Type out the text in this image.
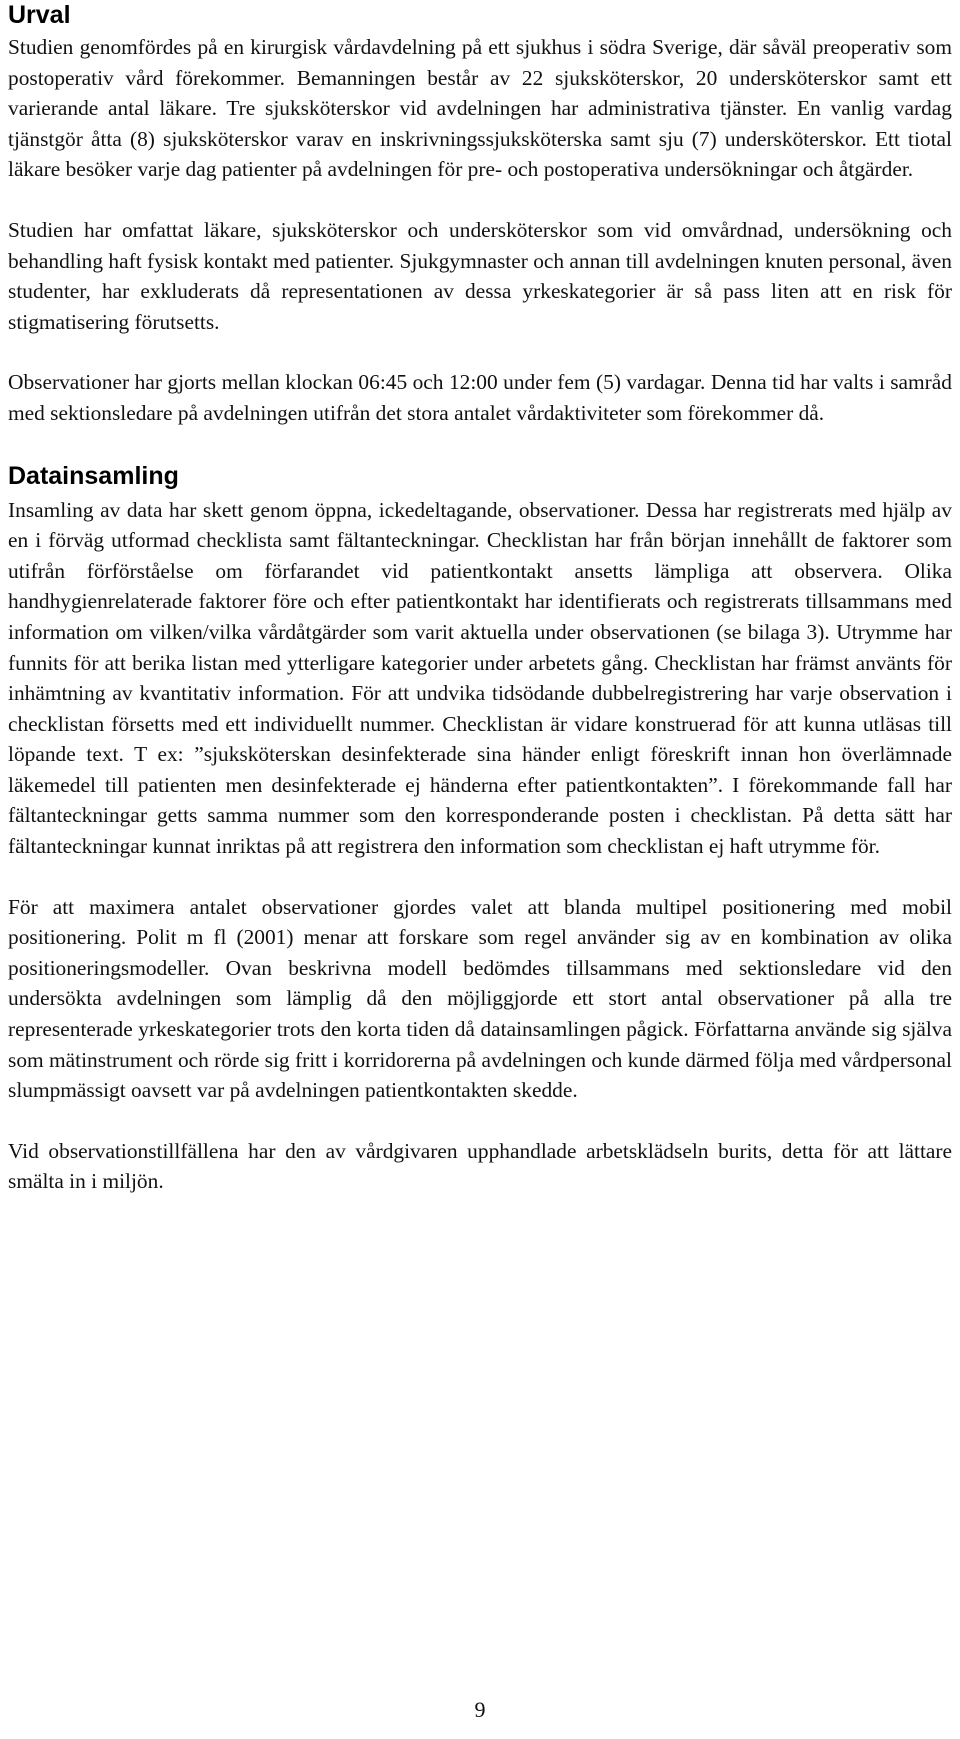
Urval

Studien genomfördes på en kirurgisk vårdavdelning på ett sjukhus i södra Sverige, där såväl preoperativ som postoperativ vård förekommer. Bemanningen består av 22 sjuksköterskor, 20 undersköterskor samt ett varierande antal läkare. Tre sjuksköterskor vid avdelningen har administrativa tjänster. En vanlig vardag tjänstgör åtta (8) sjuksköterskor varav en inskrivningssjuksköterska samt sju (7) undersköterskor. Ett tiotal läkare besöker varje dag patienter på avdelningen för pre- och postoperativa undersökningar och åtgärder.

Studien har omfattat läkare, sjuksköterskor och undersköterskor som vid omvårdnad, undersökning och behandling haft fysisk kontakt med patienter. Sjukgymnaster och annan till avdelningen knuten personal, även studenter, har exkluderats då representationen av dessa yrkeskategorier är så pass liten att en risk för stigmatisering förutsetts.

Observationer har gjorts mellan klockan 06:45 och 12:00 under fem (5) vardagar. Denna tid har valts i samråd med sektionsledare på avdelningen utifrån det stora antalet vårdaktiviteter som förekommer då.

Datainsamling

Insamling av data har skett genom öppna, ickedeltagande, observationer. Dessa har registrerats med hjälp av en i förväg utformad checklista samt fältanteckningar. Checklistan har från början innehållt de faktorer som utifrån förförståelse om förfarandet vid patientkontakt ansetts lämpliga att observera. Olika handhygienrelaterade faktorer före och efter patientkontakt har identifierats och registrerats tillsammans med information om vilken/vilka vårdåtgärder som varit aktuella under observationen (se bilaga 3). Utrymme har funnits för att berika listan med ytterligare kategorier under arbetets gång. Checklistan har främst använts för inhämtning av kvantitativ information. För att undvika tidsödande dubbelregistrering har varje observation i checklistan försetts med ett individuellt nummer. Checklistan är vidare konstruerad för att kunna utläsas till löpande text. T ex: ”sjuksköterskan desinfekterade sina händer enligt föreskrift innan hon överlämnade läkemedel till patienten men desinfekterade ej händerna efter patientkontakten”. I förekommande fall har fältanteckningar getts samma nummer som den korresponderande posten i checklistan. På detta sätt har fältanteckningar kunnat inriktas på att registrera den information som checklistan ej haft utrymme för.

För att maximera antalet observationer gjordes valet att blanda multipel positionering med mobil positionering. Polit m fl (2001) menar att forskare som regel använder sig av en kombination av olika positioneringsmodeller. Ovan beskrivna modell bedömdes tillsammans med sektionsledare vid den undersökta avdelningen som lämplig då den möjliggjorde ett stort antal observationer på alla tre representerade yrkeskategorier trots den korta tiden då datainsamlingen pågick. Författarna använde sig själva som mätinstrument och rörde sig fritt i korridorerna på avdelningen och kunde därmed följa med vårdpersonal slumpmässigt oavsett var på avdelningen patientkontakten skedde.

Vid observationstillfällena har den av vårdgivaren upphandlade arbetsklädseln burits, detta för att lättare smälta in i miljön.

9
